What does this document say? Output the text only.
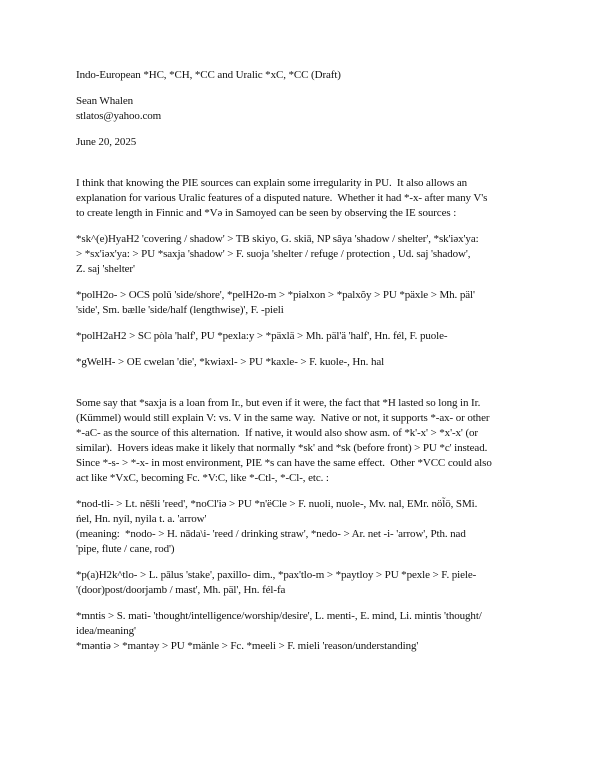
Indo-European *HC, *CH, *CC and Uralic *xC, *CC (Draft)
Sean Whalen
stlatos@yahoo.com
June 20, 2025
I think that knowing the PIE sources can explain some irregularity in PU.  It also allows an
explanation for various Uralic features of a disputed nature.  Whether it had *-x- after many V's
to create length in Finnic and *Və in Samoyed can be seen by observing the IE sources :
*sk^(e)HyaH2 'covering / shadow' > TB skiyo, G. skiā, NP sâya 'shadow / shelter', *sk'iəx'ya:
> *sx'iəx'ya: > PU *saxja 'shadow' > F. suoja 'shelter / refuge / protection , Ud. saj 'shadow',
Z. saj 'shelter'
*polH2o- > OCS polŭ 'side/shore', *pelH2o-m > *piəlxon > *palxõy > PU *päxle > Mh. päl'
'side', Sm. bælle 'side/half (lengthwise)', F. -pieli
*polH2aH2 > SC pòla 'half', PU *pexla:y > *päxlä > Mh. päl'ä 'half', Hn. fél, F. puole-
*gWelH- > OE cwelan 'die', *kwiəxl- > PU *kaxle- > F. kuole-, Hn. hal
Some say that *saxja is a loan from Ir., but even if it were, the fact that *H lasted so long in Ir.
(Kümmel) would still explain V: vs. V in the same way.  Native or not, it supports *-ax- or other
*-aC- as the source of this alternation.  If native, it would also show asm. of *k'-x' > *x'-x' (or
similar).  Hovers ideas make it likely that normally *sk' and *sk (before front) > PU *c' instead.
Since *-s- > *-x- in most environment, PIE *s can have the same effect.  Other *VCC could also
act like *VxC, becoming Fc. *V:C, like *-Ctl-, *-Cl-, etc. :
*nod-tli- > Lt. nẽšli 'reed', *noCl'iə > PU *n'ëCle > F. nuoli, nuole-, Mv. nal, EMr. nöl̃ö, SMi.
ńel, Hn. nyíl, nyila t. a. 'arrow'
(meaning:  *nodo- > H. nāda\i- 'reed / drinking straw', *nedo- > Ar. net -i- 'arrow', Pth. nad
'pipe, flute / cane, rod')
*p(a)H2k^tlo- > L. pālus 'stake', paxillo- dim., *pax'tlo-m > *paytloy > PU *pexle > F. piele-
'(door)post/doorjamb / mast', Mh. päl', Hn. fél-fa
*mntis > S. mati- 'thought/intelligence/worship/desire', L. menti-, E. mind, Li. mintis 'thought/
idea/meaning'
*məntiə > *mantəy > PU *mänle > Fc. *meeli > F. mieli 'reason/understanding'
